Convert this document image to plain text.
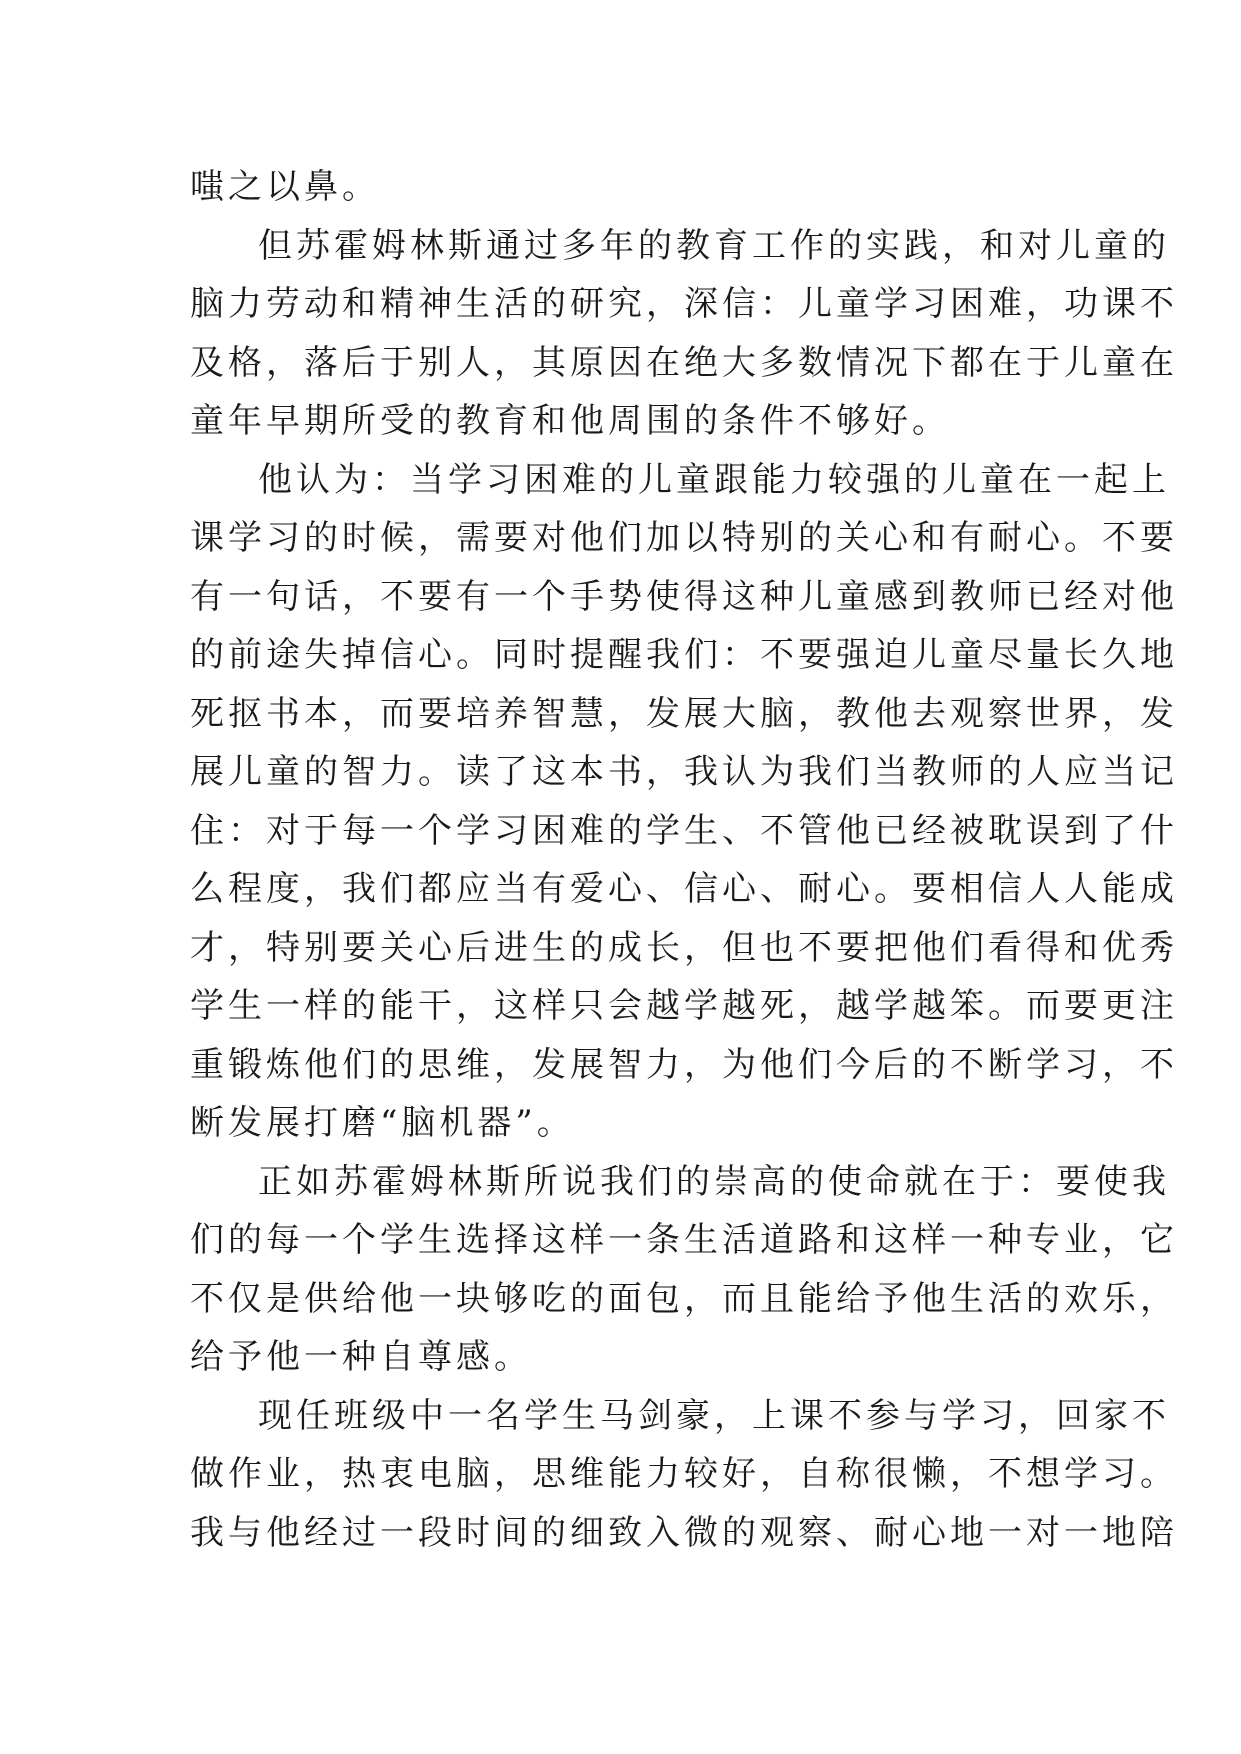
嗤之以鼻。
但苏霍姆林斯通过多年的教育工作的实践，和对儿童的
脑力劳动和精神生活的研究，深信：儿童学习困难，功课不
及格，落后于别人，其原因在绝大多数情况下都在于儿童在
童年早期所受的教育和他周围的条件不够好。
他认为：当学习困难的儿童跟能力较强的儿童在一起上
课学习的时候，需要对他们加以特别的关心和有耐心。不要
有一句话，不要有一个手势使得这种儿童感到教师已经对他
的前途失掉信心。同时提醒我们：不要强迫儿童尽量长久地
死抠书本，而要培养智慧，发展大脑，教他去观察世界，发
展儿童的智力。读了这本书，我认为我们当教师的人应当记
住：对于每一个学习困难的学生、不管他已经被耽误到了什
么程度，我们都应当有爱心、信心、耐心。要相信人人能成
才，特别要关心后进生的成长，但也不要把他们看得和优秀
学生一样的能干，这样只会越学越死，越学越笨。而要更注
重锻炼他们的思维，发展智力，为他们今后的不断学习，不
断发展打磨“脑机器”。
正如苏霍姆林斯所说我们的崇高的使命就在于：要使我
们的每一个学生选择这样一条生活道路和这样一种专业，它
不仅是供给他一块够吃的面包，而且能给予他生活的欢乐，
给予他一种自尊感。
现任班级中一名学生马剑豪，上课不参与学习，回家不
做作业，热衷电脑，思维能力较好，自称很懒，不想学习。
我与他经过一段时间的细致入微的观察、耐心地一对一地陪
